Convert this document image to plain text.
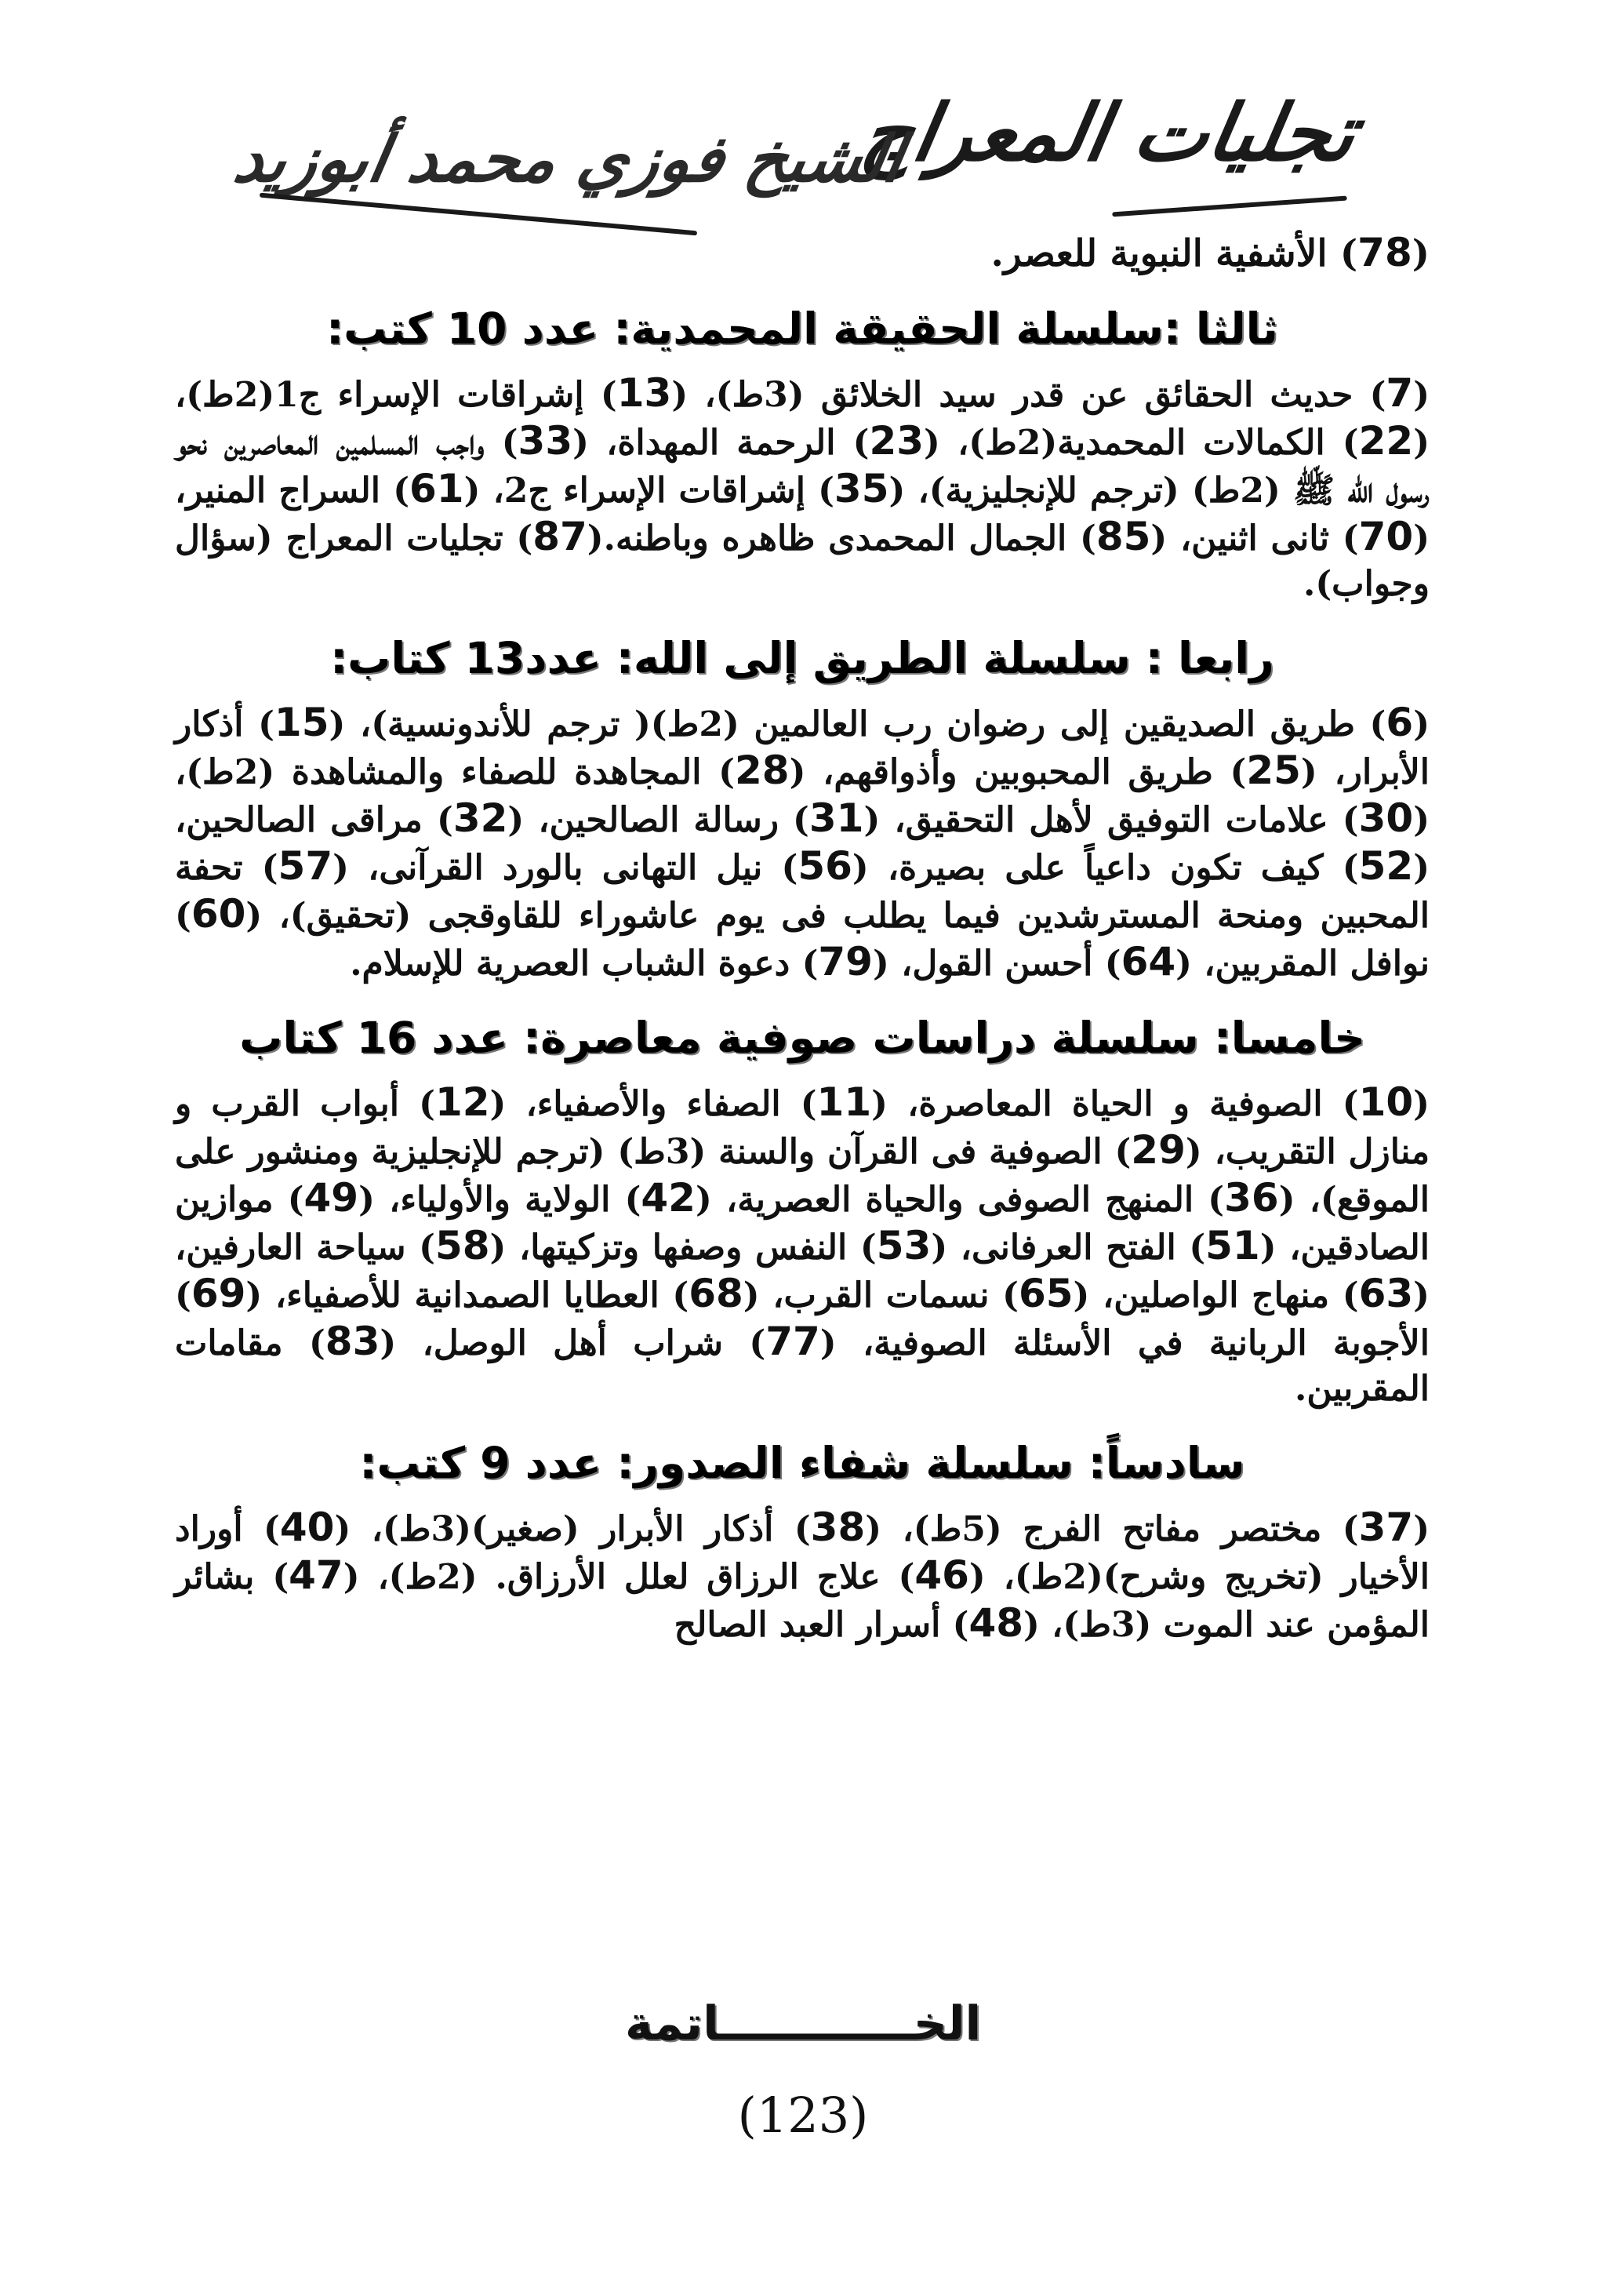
تجليات المعراج
الشيخ فوزي محمد أبوزيد

(78) الأشفية النبوية للعصر.

ثالثا :سلسلة الحقيقة المحمدية: عدد 10 كتب:

(7) حديث الحقائق عن قدر سيد الخلائق (3ط)، (13) إشراقات الإسراء ج1(2ط)، (22) الكمالات المحمدية(2ط)، (23) الرحمة المهداة، (33) واجب المسلمين المعاصرين نحو رسول الله ﷺ (2ط) (ترجم للإنجليزية)، (35) إشراقات الإسراء ج2، (61) السراج المنير، (70) ثانى اثنين، (85) الجمال المحمدى ظاهره وباطنه.(87) تجليات المعراج (سؤال وجواب).

رابعا : سلسلة الطريق إلى الله: عدد13 كتاب:

(6) طريق الصديقين إلى رضوان رب العالمين (2ط)( ترجم للأندونسية)، (15) أذكار الأبرار، (25) طريق المحبوبين وأذواقهم، (28) المجاهدة للصفاء والمشاهدة (2ط)، (30) علامات التوفيق لأهل التحقيق، (31) رسالة الصالحين، (32) مراقى الصالحين، (52) كيف تكون داعياً على بصيرة، (56) نيل التهانى بالورد القرآنى، (57) تحفة المحبين ومنحة المسترشدين فيما يطلب فى يوم عاشوراء للقاوقجى (تحقيق)، (60) نوافل المقربين، (64) أحسن القول، (79) دعوة الشباب العصرية للإسلام.

خامسا: سلسلة دراسات صوفية معاصرة: عدد 16 كتاب

(10) الصوفية و الحياة المعاصرة، (11) الصفاء والأصفياء، (12) أبواب القرب و منازل التقريب، (29) الصوفية فى القرآن والسنة (3ط) (ترجم للإنجليزية ومنشور على الموقع)، (36) المنهج الصوفى والحياة العصرية، (42) الولاية والأولياء، (49) موازين الصادقين، (51) الفتح العرفانى، (53) النفس وصفها وتزكيتها، (58) سياحة العارفين،(63) منهاج الواصلين، (65) نسمات القرب، (68) العطايا الصمدانية للأصفياء، (69) الأجوبة الربانية في الأسئلة الصوفية، (77) شراب أهل الوصل، (83) مقامات المقربين.

سادساً: سلسلة شفاء الصدور: عدد 9 كتب:

(37) مختصر مفاتح الفرج (5ط)، (38) أذكار الأبرار (صغير)(3ط)، (40) أوراد الأخيار (تخريج وشرح)(2ط)، (46) علاج الرزاق لعلل الأرزاق. (2ط)، (47) بشائر المؤمن عند الموت (3ط)، (48) أسرار العبد الصالح

الخــــــــــــاتمة
(123)
